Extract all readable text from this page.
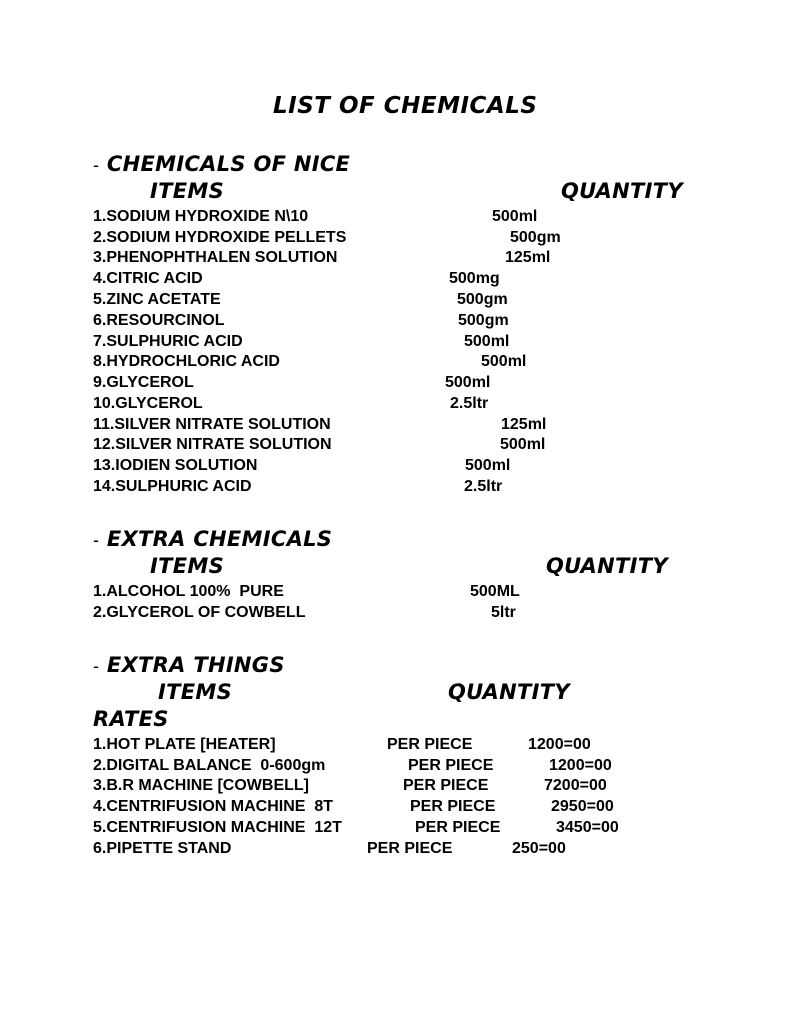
LIST OF CHEMICALS
- CHEMICALS OF NICE
ITEMS	QUANTITY
1.SODIUM HYDROXIDE N\10	500ml
2.SODIUM HYDROXIDE PELLETS	500gm
3.PHENOPHTHALEN SOLUTION	125ml
4.CITRIC ACID	500mg
5.ZINC ACETATE	500gm
6.RESOURCINOL	500gm
7.SULPHURIC ACID	500ml
8.HYDROCHLORIC ACID	500ml
9.GLYCEROL	500ml
10.GLYCEROL	2.5ltr
11.SILVER NITRATE SOLUTION	125ml
12.SILVER NITRATE SOLUTION	500ml
13.IODIEN SOLUTION	500ml
14.SULPHURIC ACID	2.5ltr
- EXTRA CHEMICALS
ITEMS	QUANTITY
1.ALCOHOL 100%  PURE	500ML
2.GLYCEROL OF COWBELL	5ltr
- EXTRA THINGS
ITEMS	QUANTITY
RATES
1.HOT PLATE [HEATER]	PER PIECE	1200=00
2.DIGITAL BALANCE  0-600gm	PER PIECE	1200=00
3.B.R MACHINE [COWBELL]	PER PIECE	7200=00
4.CENTRIFUSION MACHINE  8T	PER PIECE	2950=00
5.CENTRIFUSION MACHINE  12T	PER PIECE	3450=00
6.PIPETTE STAND	PER PIECE	250=00
